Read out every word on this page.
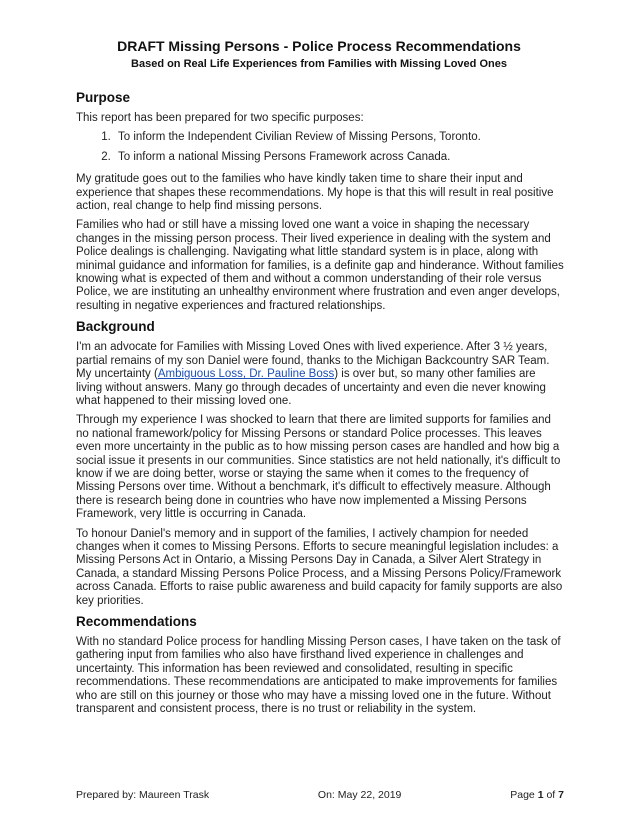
DRAFT Missing Persons - Police Process Recommendations
Based on Real Life Experiences from Families with Missing Loved Ones
Purpose

This report has been prepared for two specific purposes:

1. To inform the Independent Civilian Review of Missing Persons, Toronto.
2. To inform a national Missing Persons Framework across Canada.

My gratitude goes out to the families who have kindly taken time to share their input and experience that shapes these recommendations. My hope is that this will result in real positive action, real change to help find missing persons.

Families who had or still have a missing loved one want a voice in shaping the necessary changes in the missing person process. Their lived experience in dealing with the system and Police dealings is challenging. Navigating what little standard system is in place, along with minimal guidance and information for families, is a definite gap and hinderance. Without families knowing what is expected of them and without a common understanding of their role versus Police, we are instituting an unhealthy environment where frustration and even anger develops, resulting in negative experiences and fractured relationships.

Background

I'm an advocate for Families with Missing Loved Ones with lived experience. After 3 ½ years, partial remains of my son Daniel were found, thanks to the Michigan Backcountry SAR Team. My uncertainty (Ambiguous Loss, Dr. Pauline Boss) is over but, so many other families are living without answers. Many go through decades of uncertainty and even die never knowing what happened to their missing loved one.

Through my experience I was shocked to learn that there are limited supports for families and no national framework/policy for Missing Persons or standard Police processes. This leaves even more uncertainty in the public as to how missing person cases are handled and how big a social issue it presents in our communities. Since statistics are not held nationally, it's difficult to know if we are doing better, worse or staying the same when it comes to the frequency of Missing Persons over time. Without a benchmark, it's difficult to effectively measure. Although there is research being done in countries who have now implemented a Missing Persons Framework, very little is occurring in Canada.

To honour Daniel's memory and in support of the families, I actively champion for needed changes when it comes to Missing Persons. Efforts to secure meaningful legislation includes: a Missing Persons Act in Ontario, a Missing Persons Day in Canada, a Silver Alert Strategy in Canada, a standard Missing Persons Police Process, and a Missing Persons Policy/Framework across Canada. Efforts to raise public awareness and build capacity for family supports are also key priorities.

Recommendations

With no standard Police process for handling Missing Person cases, I have taken on the task of gathering input from families who also have firsthand lived experience in challenges and uncertainty. This information has been reviewed and consolidated, resulting in specific recommendations. These recommendations are anticipated to make improvements for families who are still on this journey or those who may have a missing loved one in the future. Without transparent and consistent process, there is no trust or reliability in the system.

Prepared by: Maureen Trask	On: May 22, 2019	Page 1 of 7
